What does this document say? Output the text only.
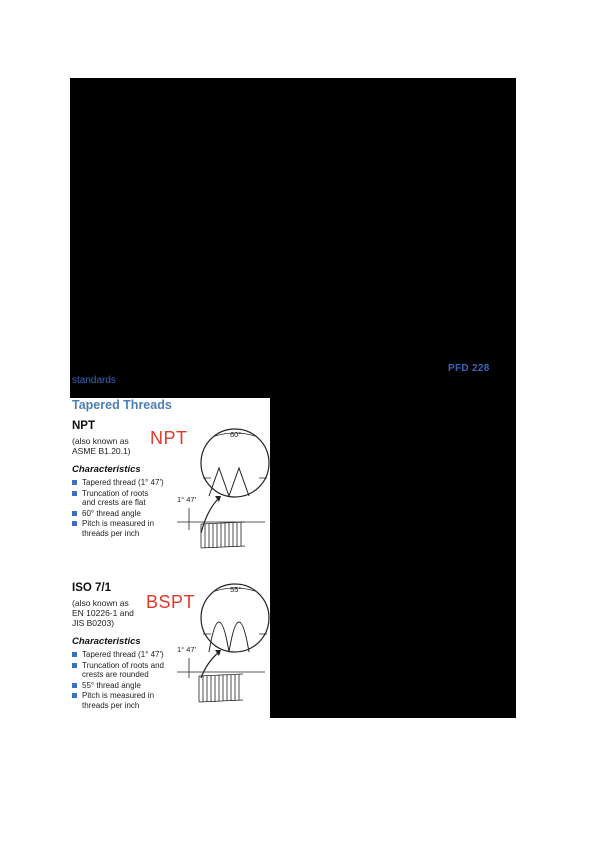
PFD 228
standards
Tapered Threads
NPT
(also known as
ASME B1.20.1)
NPT
Characteristics
Tapered thread (1° 47')
Truncation of roots
and crests are flat
60° thread angle
Pitch is measured in
threads per inch
60°
1° 47'
ISO 7/1
(also known as
EN 10226-1 and
JIS B0203)
BSPT
Characteristics
Tapered thread (1° 47')
Truncation of roots and
crests are rounded
55° thread angle
Pitch is measured in
threads per inch
55°
1° 47'
